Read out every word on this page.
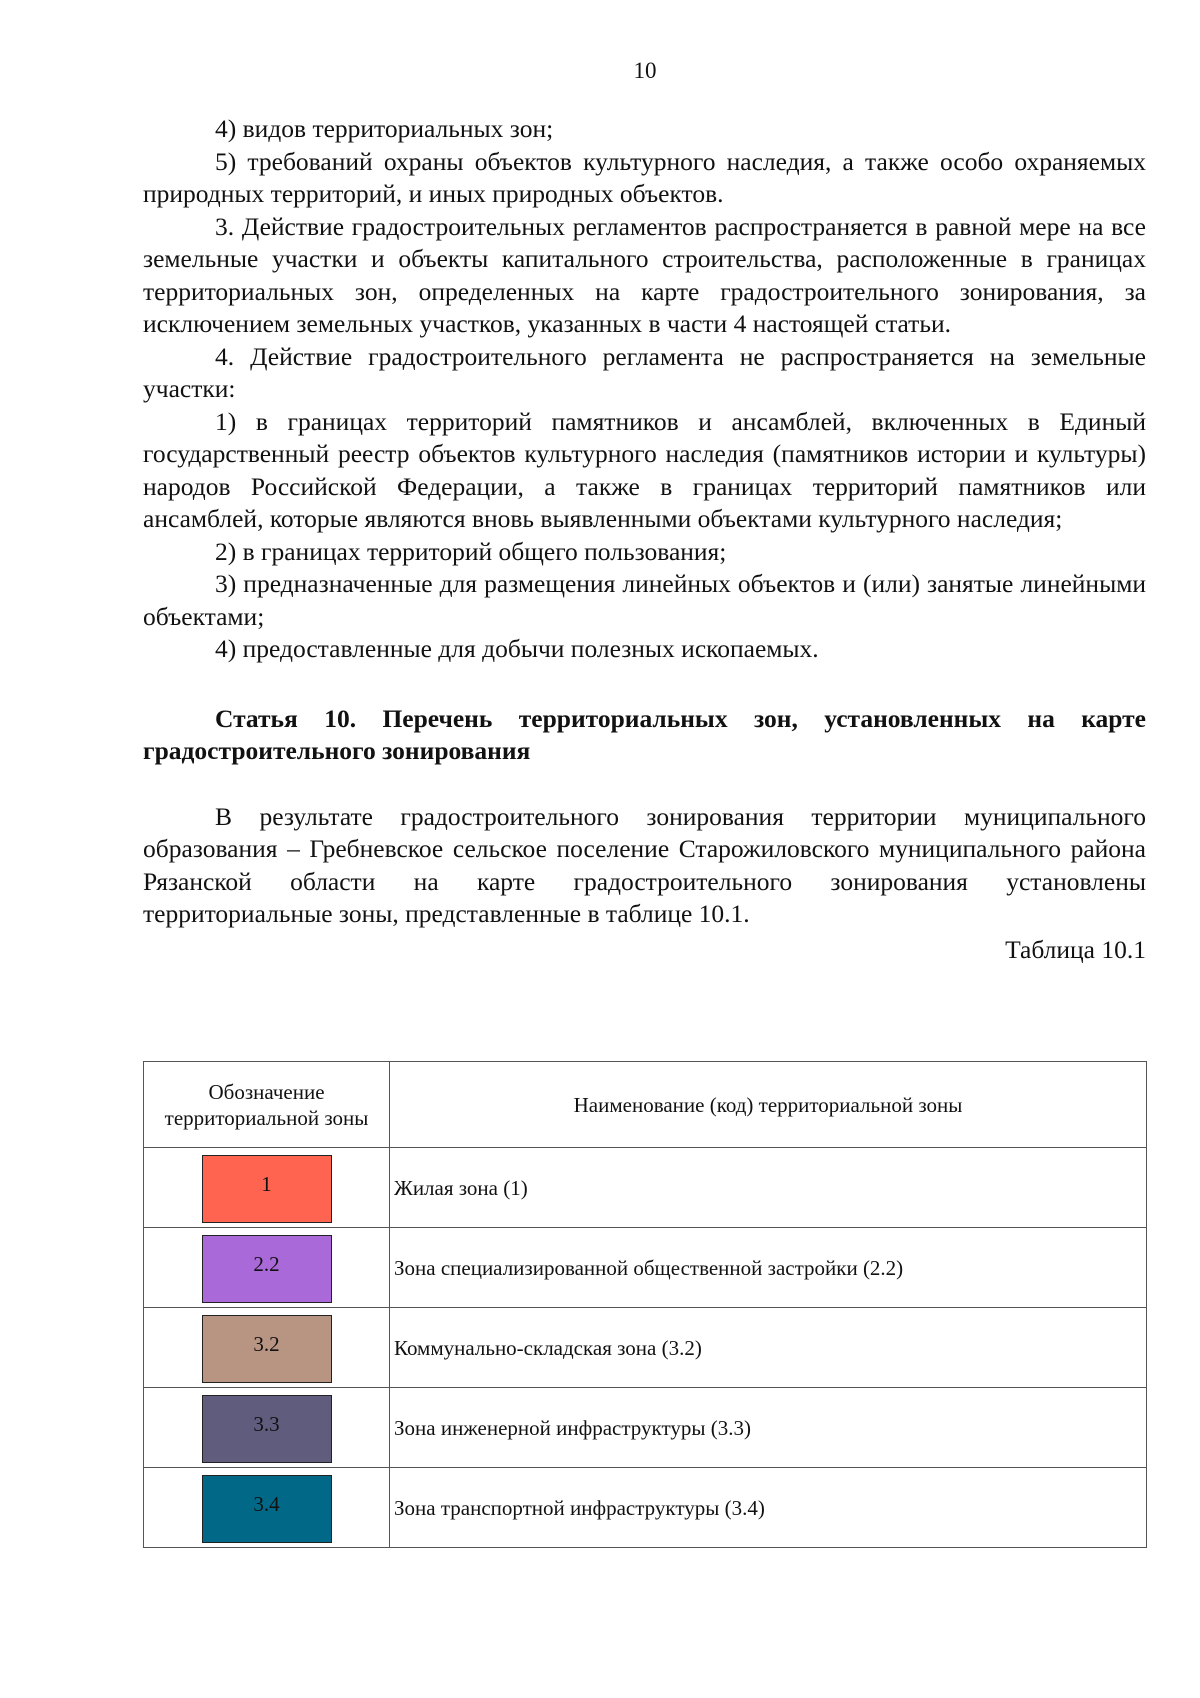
10

4) видов территориальных зон;

5) требований охраны объектов культурного наследия, а также особо охраняемых природных территорий, и иных природных объектов.

3. Действие градостроительных регламентов распространяется в равной мере на все земельные участки и объекты капитального строительства, расположенные в границах территориальных зон, определенных на карте градостроительного зонирования, за исключением земельных участков, указанных в части 4 настоящей статьи.

4. Действие градостроительного регламента не распространяется на земельные участки:

1) в границах территорий памятников и ансамблей, включенных в Единый государственный реестр объектов культурного наследия (памятников истории и культуры) народов Российской Федерации, а также в границах территорий памятников или ансамблей, которые являются вновь выявленными объектами культурного наследия;

2) в границах территорий общего пользования;

3) предназначенные для размещения линейных объектов и (или) занятые линейными объектами;

4) предоставленные для добычи полезных ископаемых.

Статья 10. Перечень территориальных зон, установленных на карте градостроительного зонирования

В результате градостроительного зонирования территории муниципального образования – Гребневское сельское поселение Старожиловского муниципального района Рязанской области на карте градостроительного зонирования установлены территориальные зоны, представленные в таблице 10.1.

Таблица 10.1

Обозначение территориальной зоны	Наименование (код) территориальной зоны
1	Жилая зона (1)
2.2	Зона специализированной общественной застройки (2.2)
3.2	Коммунально-складская зона (3.2)
3.3	Зона инженерной инфраструктуры (3.3)
3.4	Зона транспортной инфраструктуры (3.4)
